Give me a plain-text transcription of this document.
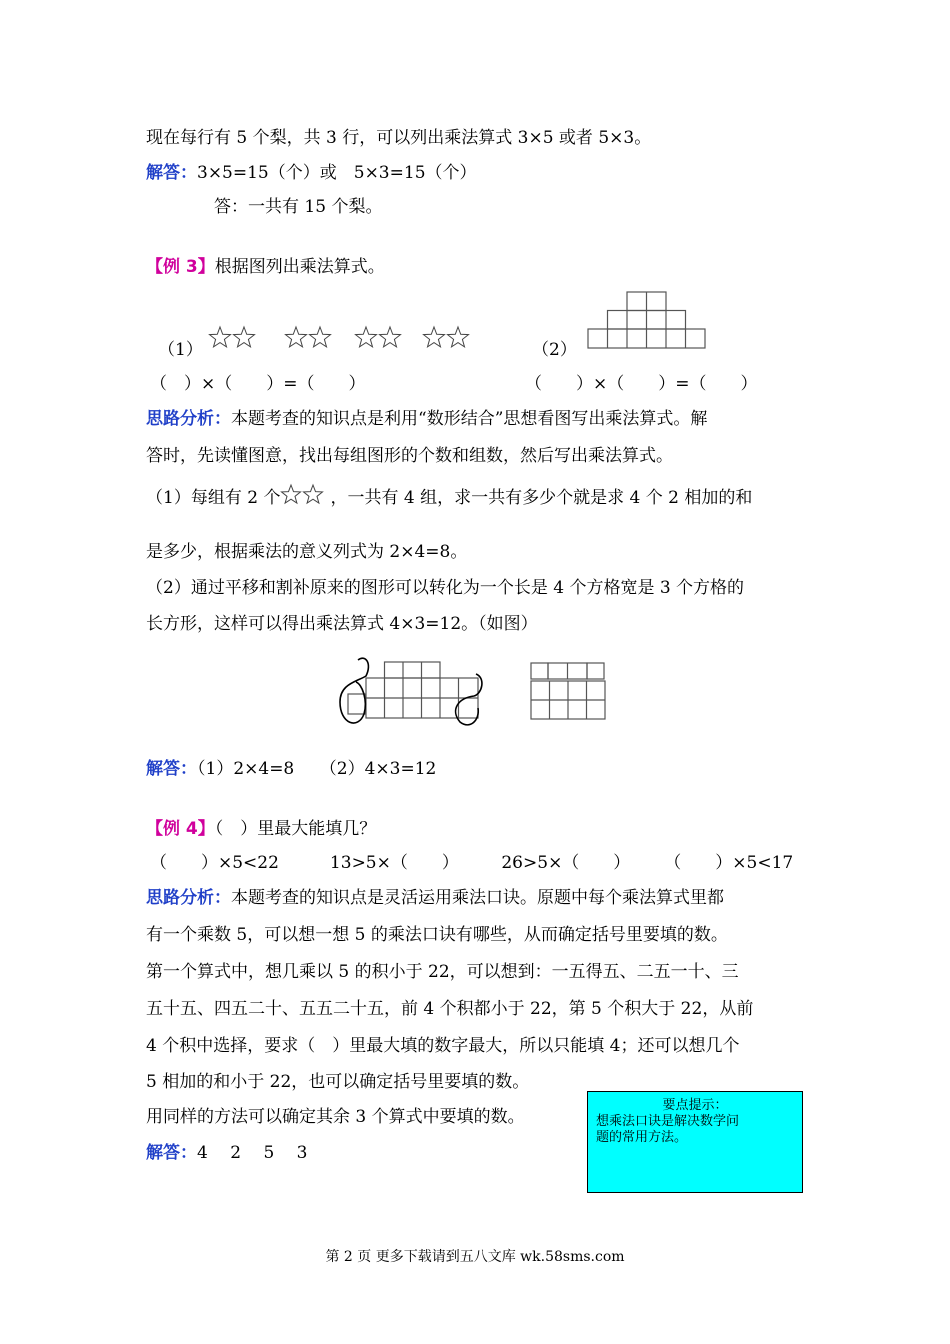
现在每行有 5 个梨，共 3 行，可以列出乘法算式 3×5 或者 5×3。
解答：3×5=15（个）或　5×3=15（个）
答：一共有 15 个梨。
【例 3】根据图列出乘法算式。
（1）	（2）
（　）×（　　）=（　　）	（　　）×（　　）=（　　）
思路分析：本题考查的知识点是利用“数形结合”思想看图写出乘法算式。解
答时，先读懂图意，找出每组图形的个数和组数，然后写出乘法算式。
（1）每组有 2 个	，一共有 4 组，求一共有多少个就是求 4 个 2 相加的和
是多少，根据乘法的意义列式为 2×4=8。
（2）通过平移和割补原来的图形可以转化为一个长是 4 个方格宽是 3 个方格的
长方形，这样可以得出乘法算式 4×3=12。（如图）
解答：（1）2×4=8　　（2）4×3=12
【例 4】（　）里最大能填几？
（　　）×5<22　　　13>5×（　　）　　　26>5×（　　）　　　（　　）×5<17
思路分析：本题考查的知识点是灵活运用乘法口诀。原题中每个乘法算式里都
有一个乘数 5，可以想一想 5 的乘法口诀有哪些，从而确定括号里要填的数。
第一个算式中，想几乘以 5 的积小于 22，可以想到：一五得五、二五一十、三
五十五、四五二十、五五二十五，前 4 个积都小于 22，第 5 个积大于 22，从前
4 个积中选择，要求（　）里最大填的数字最大，所以只能填 4；还可以想几个
5 相加的和小于 22，也可以确定括号里要填的数。
用同样的方法可以确定其余 3 个算式中要填的数。
解答：4　 2　 5　 3
要点提示：
想乘法口诀是解决数学问
题的常用方法。
第 2 页 更多下载请到五八文库 wk.58sms.com
